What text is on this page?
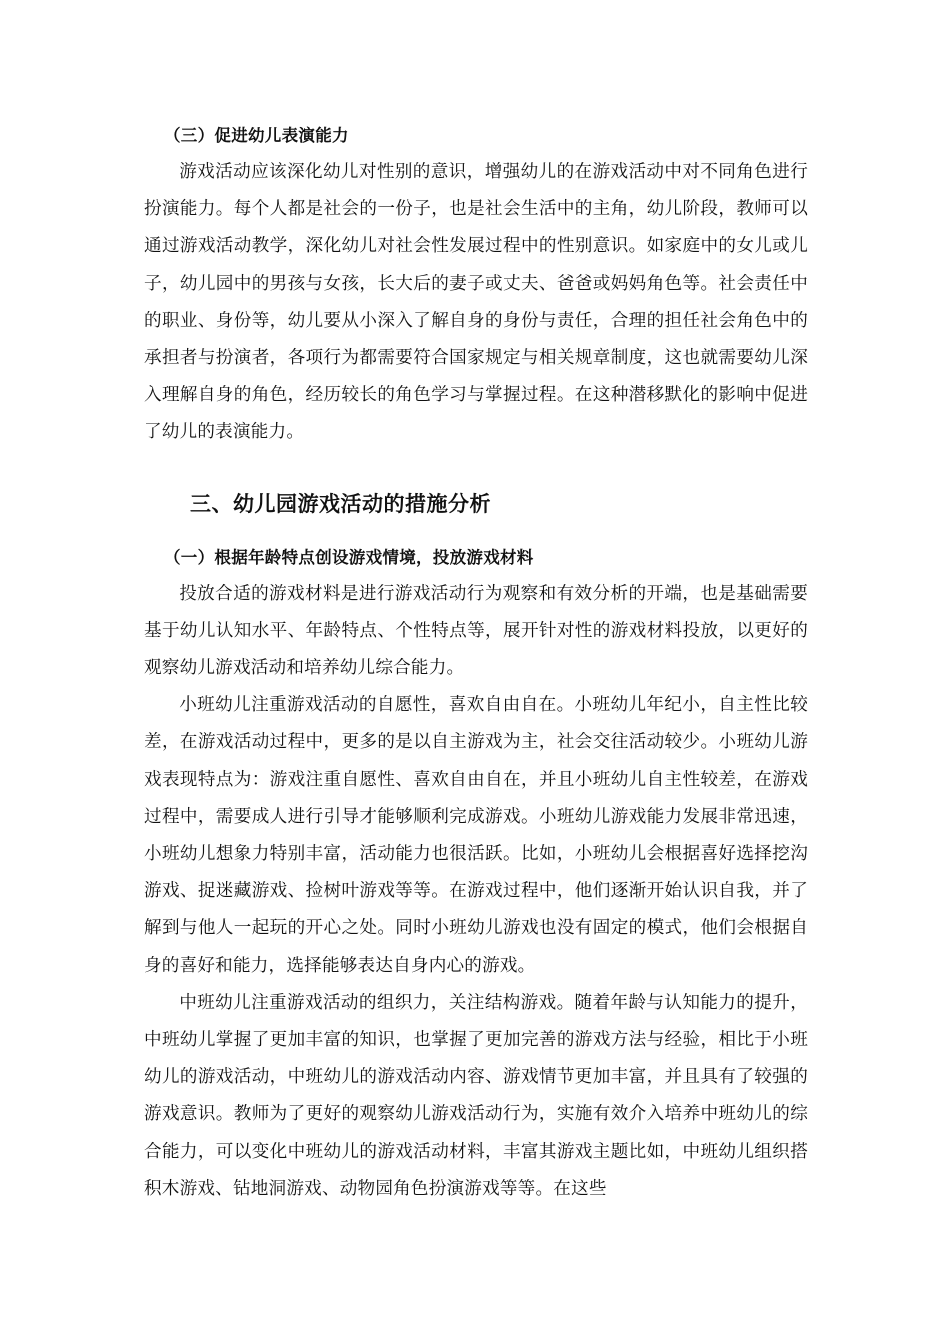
（三）促进幼儿表演能力

游戏活动应该深化幼儿对性别的意识，增强幼儿的在游戏活动中对不同角色进行扮演能力。每个人都是社会的一份子，也是社会生活中的主角，幼儿阶段，教师可以通过游戏活动教学，深化幼儿对社会性发展过程中的性别意识。如家庭中的女儿或儿子，幼儿园中的男孩与女孩，长大后的妻子或丈夫、爸爸或妈妈角色等。社会责任中的职业、身份等，幼儿要从小深入了解自身的身份与责任，合理的担任社会角色中的承担者与扮演者，各项行为都需要符合国家规定与相关规章制度，这也就需要幼儿深入理解自身的角色，经历较长的角色学习与掌握过程。在这种潜移默化的影响中促进了幼儿的表演能力。

三、幼儿园游戏活动的措施分析
（一）根据年龄特点创设游戏情境，投放游戏材料

投放合适的游戏材料是进行游戏活动行为观察和有效分析的开端，也是基础需要基于幼儿认知水平、年龄特点、个性特点等，展开针对性的游戏材料投放，以更好的观察幼儿游戏活动和培养幼儿综合能力。

小班幼儿注重游戏活动的自愿性，喜欢自由自在。小班幼儿年纪小，自主性比较差，在游戏活动过程中，更多的是以自主游戏为主，社会交往活动较少。小班幼儿游戏表现特点为：游戏注重自愿性、喜欢自由自在，并且小班幼儿自主性较差，在游戏过程中，需要成人进行引导才能够顺利完成游戏。小班幼儿游戏能力发展非常迅速，小班幼儿想象力特别丰富，活动能力也很活跃。比如，小班幼儿会根据喜好选择挖沟游戏、捉迷藏游戏、捡树叶游戏等等。在游戏过程中，他们逐渐开始认识自我，并了解到与他人一起玩的开心之处。同时小班幼儿游戏也没有固定的模式，他们会根据自身的喜好和能力，选择能够表达自身内心的游戏。

中班幼儿注重游戏活动的组织力，关注结构游戏。随着年龄与认知能力的提升，中班幼儿掌握了更加丰富的知识，也掌握了更加完善的游戏方法与经验，相比于小班幼儿的游戏活动，中班幼儿的游戏活动内容、游戏情节更加丰富，并且具有了较强的游戏意识。教师为了更好的观察幼儿游戏活动行为，实施有效介入培养中班幼儿的综合能力，可以变化中班幼儿的游戏活动材料，丰富其游戏主题比如，中班幼儿组织搭积木游戏、钻地洞游戏、动物园角色扮演游戏等等。在这些
